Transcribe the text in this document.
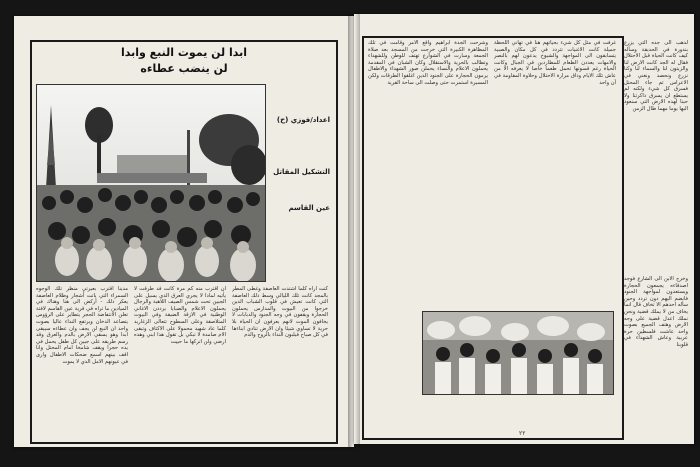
ابدا لن يموت النبع وابدا
لن ينضب عطاءه
اعداد/فوزي (ح)
التشكيل المقاتل
عين القاسم
مدينا أقترب بعيرتي منظر تلك الوجوه السمراء التي باتت أشجار وظلام العاصفة يعكر ذلك - أركض الى هنا وهناك في الميادين ما تراه في قرية عين القاسم لافتة تعلن الانتفاضة الحجر يتطاير على الرؤوس يتصاعد الدخان ويرتفع النداء عاليا بصوت واحد ان النبع لن يجف وان عطاءه سيبقى ابدا وهو يسقي الارض بالدم والعرق وقد رسم طريقه على جبين كل طفل يحمل في يده حجرا ويقف شامخا امام المحتل وانا اقف بينهم اسمع ضحكات الاطفال وارى في عيونهم الامل الذي لا يموت
أن أقترب منه كم مرة كانت قد طرقت لا يأتيه لماذا لا يجري العرق الذي يسيل على الجبين تحت شمس الصيف اللاهبة والرجال يحملون الاعلام والصبايا يرددن الاغاني الوطنية في الازقة الضيقة وفي البيوت المتلاصقة وعلى السطوح تتعالى الزغاريد كلما عاد شهيد محمولا على الاكتاف وتبقى الام صامدة لا تبكي بل تقول هذا ابني وهذه ارضي ولن اتركها ما حييت
كنت أراه كلما اشتدت العاصفة وغطى المطر بالمجد كانت تلك الليالي وسط ذلك العاصفة التي كانت تعيش في قلوب الشباب الذين خرجوا من البيوت والمدارس يحملون الحجارة ويقفون في وجه الجنود والدبابات لا يخافون الموت لانهم يعرفون ان الحياة بلا حرية لا تساوي شيئا وان الارض تنادي ابناءها في كل صباح فيلبون النداء بالروح والدم
وشرحت الجدة ابراهيم واقع الامر وقامت في تلك المظاهرة الكبيرة التي خرجت من المسجد بعد صلاة الجمعة وسارت في الشوارع تهتف للوطن وللشهداء وتطالب بالحرية والاستقلال وكان الشبان في المقدمة يحملون الاعلام والنساء يحملن صور الشهداء والاطفال يرمون الحجارة على الجنود الذين اغلقوا الطرقات ولكن المسيرة استمرت حتى وصلت الى ساحة القرية
غرفت في مثل كل شيء بحياتهم هنا في تهاني اللحظة جميلة كانت الاغنيات تتردد في كل مكان والصبية يتسابقون الى المواجهة والشيوخ يدعون لهم بالنصر والامهات يعددن الطعام للمطاردين في الجبال وكانت الحياة رغم قسوتها تحمل طعما خاصا لا يعرفه الا من عاش تلك الايام وذاق مرارة الاحتلال وحلاوة المقاومة في آن واحد
لذهب الى جده التي يزرع بندورة في الحديقة وسأله كيف كانت الحياة قبل الاحتلال فقال له الجد كانت الارض لنا والزيتون لنا والسماء لنا وكنا نزرع ونحصد ونغني في الاعراس ثم جاء المحتل فسرق كل شيء ولكنه لم يستطع ان يسرق ذاكرتنا ولا حبنا لهذه الارض التي سنعود اليها يوما مهما طال الزمن
وخرج الابن الى الشارع فوجد اصدقاءه يجمعون الحجارة ويستعدون لمواجهة الجنود فانضم اليهم دون تردد وحين سأله احدهم الا تخاف قال انما يخاف من لا يملك قضية ونحن نملك اعدل قضية على وجه الارض وهتف الجميع بصوت واحد عاشت فلسطين حرة عربية وعاش الشهداء في قلوبنا
٢٢
